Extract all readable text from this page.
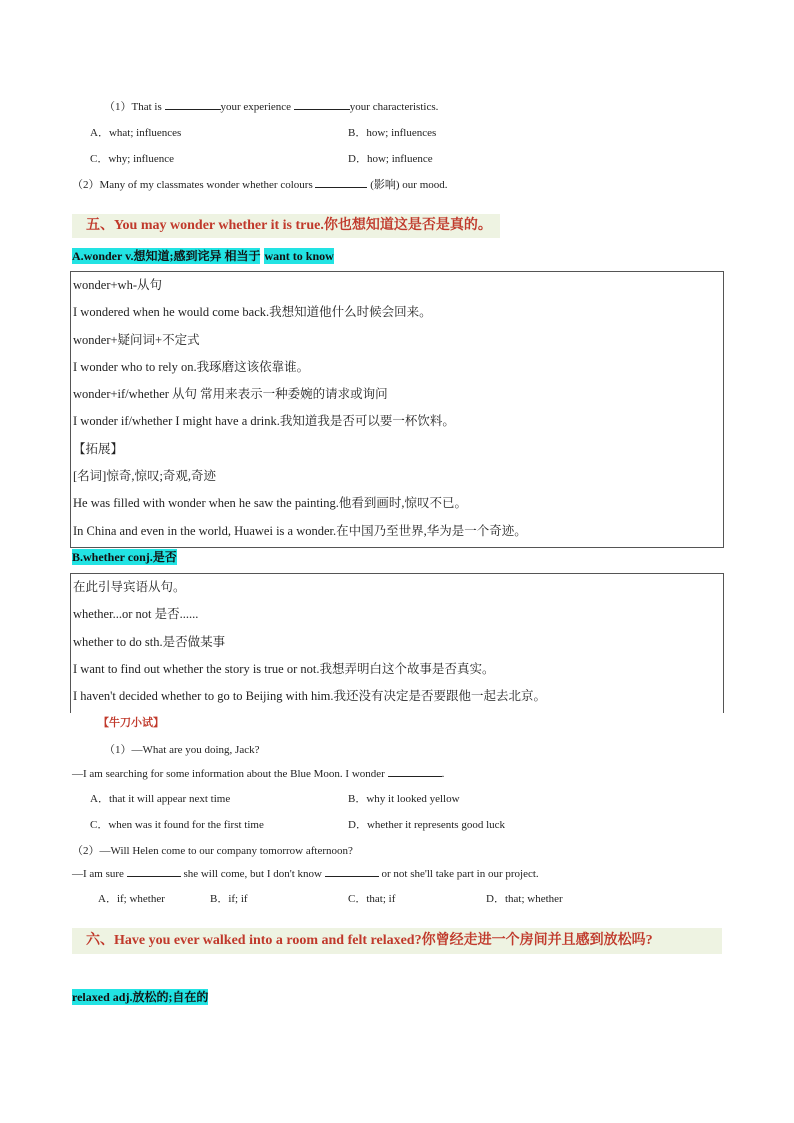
（1）That is	your experience	your characteristics.
A．what; influences	B．how; influences
C．why; influence	D．how; influence
（2）Many of my classmates wonder whether colours	(影响) our mood.
五、You may wonder whether it is true.你也想知道这是否是真的。
A.wonder v.想知道;感到诧异 相当于 want to know
wonder+wh-从句
I wondered when he would come back.我想知道他什么时候会回来。
wonder+疑问词+不定式
I wonder who to rely on.我琢磨这该依靠谁。
wonder+if/whether 从句 常用来表示一种委婉的请求或询问
I wonder if/whether I might have a drink.我知道我是否可以要一杯饮料。
【拓展】
[名词]惊奇,惊叹;奇观,奇迹
He was filled with wonder when he saw the painting.他看到画时,惊叹不已。
In China and even in the world, Huawei is a wonder.在中国乃至世界,华为是一个奇迹。
B.whether conj.是否
在此引导宾语从句。
whether...or not 是否......
whether to do sth.是否做某事
I want to find out whether the story is true or not.我想弄明白这个故事是否真实。
I haven't decided whether to go to Beijing with him.我还没有决定是否要跟他一起去北京。
【牛刀小试】
（1）—What are you doing, Jack?
—I am searching for some information about the Blue Moon. I wonder	.
A．that it will appear next time	B．why it looked yellow
C．when was it found for the first time	D．whether it represents good luck
（2）—Will Helen come to our company tomorrow afternoon?
—I am sure	she will come, but I don't know	or not she'll take part in our project.
A．if; whether	B．if; if	C．that; if	D．that; whether
六、Have you ever walked into a room and felt relaxed?你曾经走进一个房间并且感到放松吗?
relaxed adj.放松的;自在的
